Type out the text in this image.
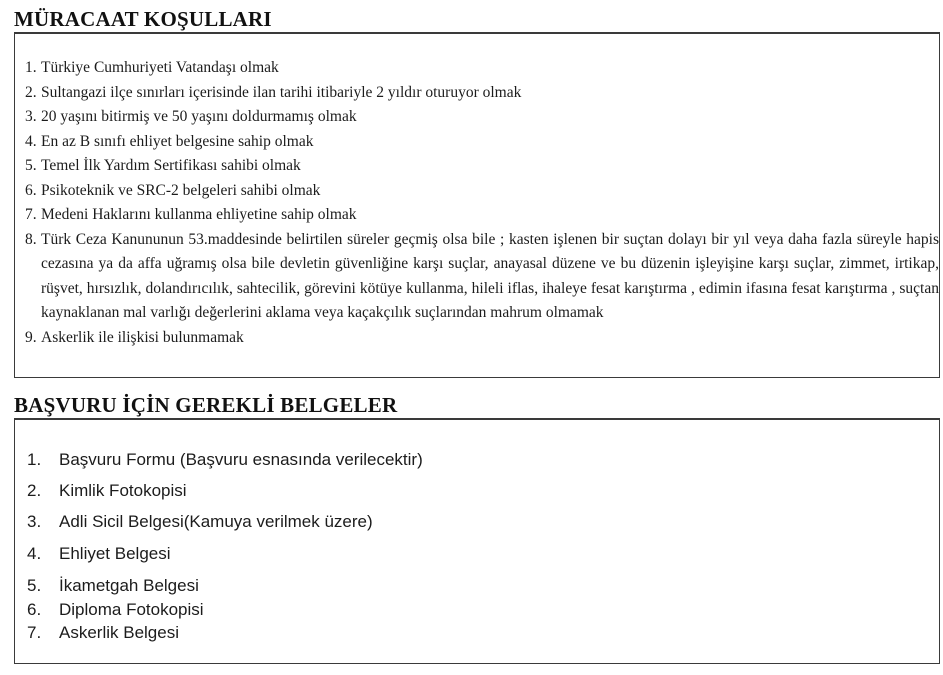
MÜRACAAT KOŞULLARI
1. Türkiye Cumhuriyeti Vatandaşı olmak
2. Sultangazi ilçe sınırları içerisinde ilan tarihi itibariyle 2 yıldır oturuyor olmak
3. 20 yaşını bitirmiş ve 50 yaşını doldurmamış olmak
4. En az B sınıfı ehliyet belgesine sahip olmak
5. Temel İlk Yardım Sertifikası sahibi olmak
6. Psikoteknik ve SRC-2 belgeleri sahibi olmak
7. Medeni Haklarını kullanma ehliyetine sahip olmak
8. Türk Ceza Kanununun 53.maddesinde belirtilen süreler geçmiş olsa bile ; kasten işlenen bir suçtan dolayı bir yıl veya daha fazla süreyle hapis cezasına ya da affa uğramış olsa bile devletin güvenliğine karşı suçlar, anayasal düzene ve bu düzenin işleyişine karşı suçlar, zimmet, irtikap, rüşvet, hırsızlık, dolandırıcılık, sahtecilik, görevini kötüye kullanma, hileli iflas, ihaleye fesat karıştırma , edimin ifasına fesat karıştırma , suçtan kaynaklanan mal varlığı değerlerini aklama veya kaçakçılık suçlarından mahrum olmamak
9. Askerlik ile ilişkisi bulunmamak
BAŞVURU İÇİN GEREKLİ BELGELER
1.	Başvuru Formu (Başvuru esnasında verilecektir)
2.	Kimlik Fotokopisi
3.	Adli Sicil Belgesi(Kamuya verilmek üzere)
4.	Ehliyet Belgesi
5.	İkametgah Belgesi
6.	Diploma Fotokopisi
7.	Askerlik Belgesi
